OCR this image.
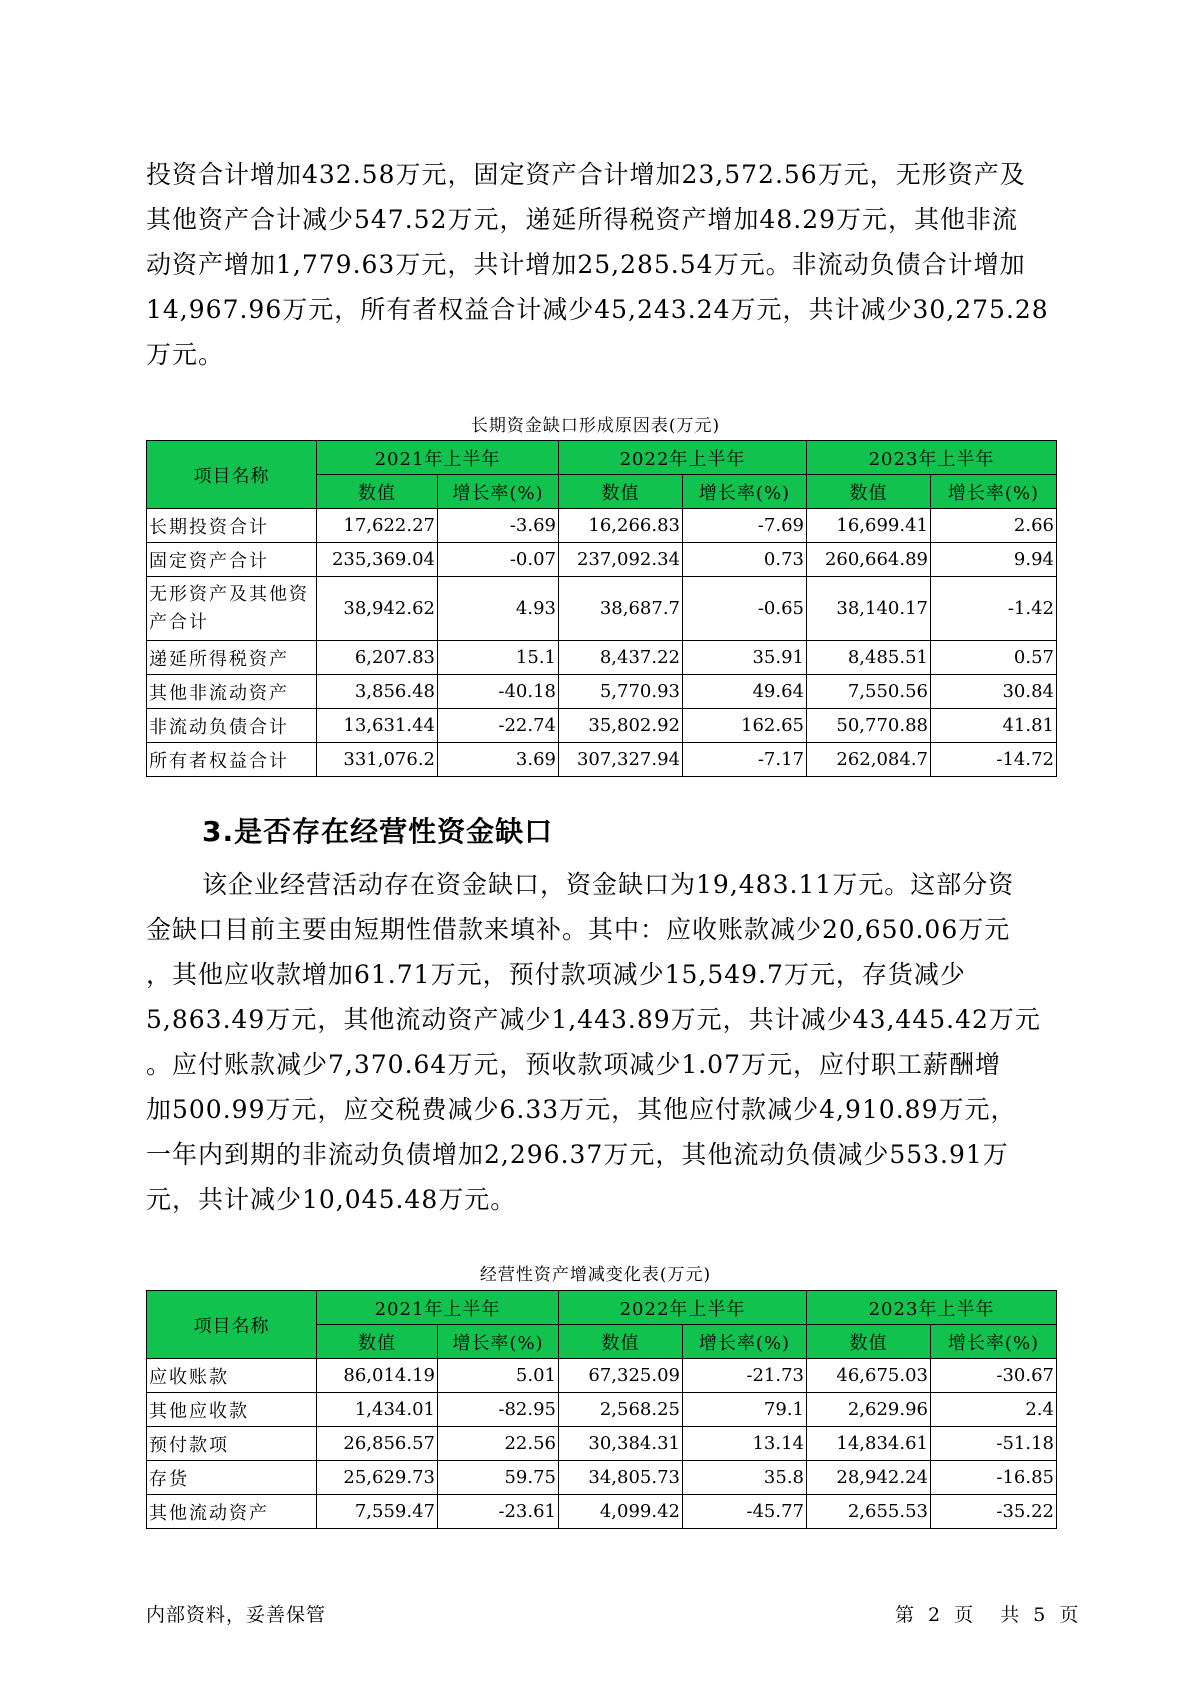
投资合计增加432.58万元，固定资产合计增加23,572.56万元，无形资产及
其他资产合计减少547.52万元，递延所得税资产增加48.29万元，其他非流
动资产增加1,779.63万元，共计增加25,285.54万元。非流动负债合计增加
14,967.96万元，所有者权益合计减少45,243.24万元，共计减少30,275.28
万元。

长期资金缺口形成原因表(万元)
项目名称	2021年上半年		2022年上半年		2023年上半年	
	数值	增长率(%)	数值	增长率(%)	数值	增长率(%)
长期投资合计	17,622.27	-3.69	16,266.83	-7.69	16,699.41	2.66
固定资产合计	235,369.04	-0.07	237,092.34	0.73	260,664.89	9.94
无形资产及其他资产合计	38,942.62	4.93	38,687.7	-0.65	38,140.17	-1.42
递延所得税资产	6,207.83	15.1	8,437.22	35.91	8,485.51	0.57
其他非流动资产	3,856.48	-40.18	5,770.93	49.64	7,550.56	30.84
非流动负债合计	13,631.44	-22.74	35,802.92	162.65	50,770.88	41.81
所有者权益合计	331,076.2	3.69	307,327.94	-7.17	262,084.7	-14.72
3.是否存在经营性资金缺口

该企业经营活动存在资金缺口，资金缺口为19,483.11万元。这部分资
金缺口目前主要由短期性借款来填补。其中：应收账款减少20,650.06万元
，其他应收款增加61.71万元，预付款项减少15,549.7万元，存货减少
5,863.49万元，其他流动资产减少1,443.89万元，共计减少43,445.42万元
。应付账款减少7,370.64万元，预收款项减少1.07万元，应付职工薪酬增
加500.99万元，应交税费减少6.33万元，其他应付款减少4,910.89万元，
一年内到期的非流动负债增加2,296.37万元，其他流动负债减少553.91万
元，共计减少10,045.48万元。

经营性资产增减变化表(万元)
项目名称	2021年上半年		2022年上半年		2023年上半年	
	数值	增长率(%)	数值	增长率(%)	数值	增长率(%)
应收账款	86,014.19	5.01	67,325.09	-21.73	46,675.03	-30.67
其他应收款	1,434.01	-82.95	2,568.25	79.1	2,629.96	2.4
预付款项	26,856.57	22.56	30,384.31	13.14	14,834.61	-51.18
存货	25,629.73	59.75	34,805.73	35.8	28,942.24	-16.85
其他流动资产	7,559.47	-23.61	4,099.42	-45.77	2,655.53	-35.22
内部资料，妥善保管	第 2 页  共 5 页
